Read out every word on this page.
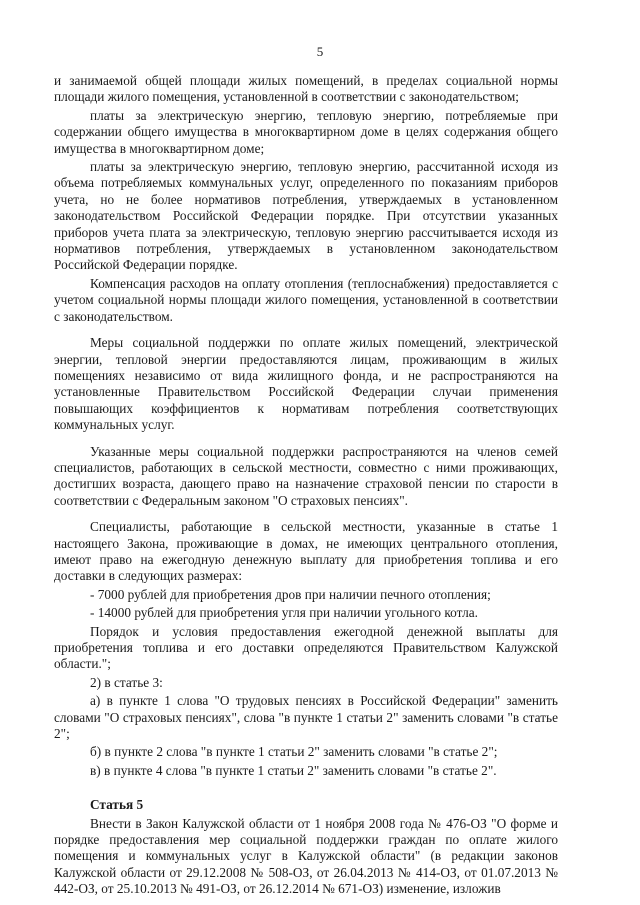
5

и занимаемой общей площади жилых помещений, в пределах социальной нормы площади жилого помещения, установленной в соответствии с законодательством;

платы за электрическую энергию, тепловую энергию, потребляемые при содержании общего имущества в многоквартирном доме в целях содержания общего имущества в многоквартирном доме;

платы за электрическую энергию, тепловую энергию, рассчитанной исходя из объема потребляемых коммунальных услуг, определенного по показаниям приборов учета, но не более нормативов потребления, утверждаемых в установленном законодательством Российской Федерации порядке. При отсутствии указанных приборов учета плата за электрическую, тепловую энергию рассчитывается исходя из нормативов потребления, утверждаемых в установленном законодательством Российской Федерации порядке.

Компенсация расходов на оплату отопления (теплоснабжения) предоставляется с учетом социальной нормы площади жилого помещения, установленной в соответствии с законодательством.

Меры социальной поддержки по оплате жилых помещений, электрической энергии, тепловой энергии предоставляются лицам, проживающим в жилых помещениях независимо от вида жилищного фонда, и не распространяются на установленные Правительством Российской Федерации случаи применения повышающих коэффициентов к нормативам потребления соответствующих коммунальных услуг.

Указанные меры социальной поддержки распространяются на членов семей специалистов, работающих в сельской местности, совместно с ними проживающих, достигших возраста, дающего право на назначение страховой пенсии по старости в соответствии с Федеральным законом "О страховых пенсиях".

Специалисты, работающие в сельской местности, указанные в статье 1 настоящего Закона, проживающие в домах, не имеющих центрального отопления, имеют право на ежегодную денежную выплату для приобретения топлива и его доставки в следующих размерах:

- 7000 рублей для приобретения дров при наличии печного отопления;

- 14000 рублей для приобретения угля при наличии угольного котла.

Порядок и условия предоставления ежегодной денежной выплаты для приобретения топлива и его доставки определяются Правительством Калужской области.";

2) в статье 3:

а) в пункте 1 слова "О трудовых пенсиях в Российской Федерации" заменить словами "О страховых пенсиях", слова "в пункте 1 статьи 2" заменить словами "в статье 2";

б) в пункте 2 слова "в пункте 1 статьи 2" заменить словами "в статье 2";

в) в пункте 4 слова "в пункте 1 статьи 2" заменить словами "в статье 2".

Статья 5

Внести в Закон Калужской области от 1 ноября 2008 года № 476-ОЗ "О форме и порядке предоставления мер социальной поддержки граждан по оплате жилого помещения и коммунальных услуг в Калужской области" (в редакции законов Калужской области от 29.12.2008 № 508-ОЗ, от 26.04.2013 № 414-ОЗ, от 01.07.2013 № 442-ОЗ, от 25.10.2013 № 491-ОЗ, от 26.12.2014 № 671-ОЗ) изменение, изложив
